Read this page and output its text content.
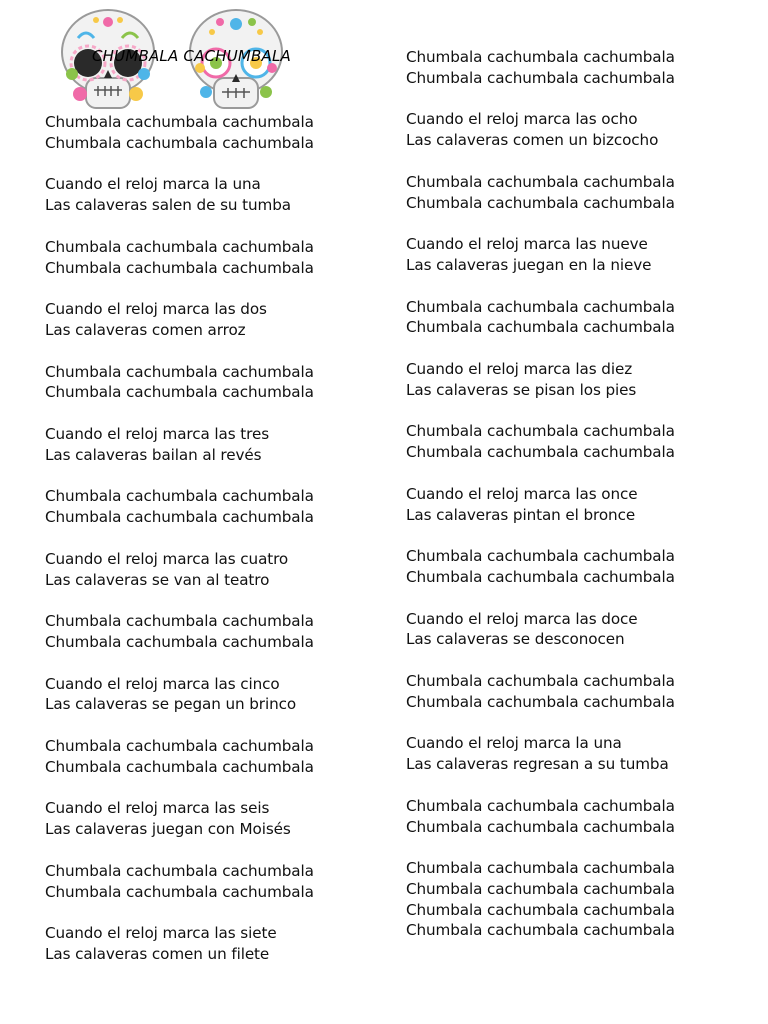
CHUMBALA CACHUMBALA
Chumbala cachumbala cachumbala
Chumbala cachumbala cachumbala
Cuando el reloj marca la una
Las calaveras salen de su tumba
Chumbala cachumbala cachumbala
Chumbala cachumbala cachumbala
Cuando el reloj marca las dos
Las calaveras comen arroz
Chumbala cachumbala cachumbala
Chumbala cachumbala cachumbala
Cuando el reloj marca las tres
Las calaveras bailan al revés
Chumbala cachumbala cachumbala
Chumbala cachumbala cachumbala
Cuando el reloj marca las cuatro
Las calaveras se van al teatro
Chumbala cachumbala cachumbala
Chumbala cachumbala cachumbala
Cuando el reloj marca las cinco
Las calaveras se pegan un brinco
Chumbala cachumbala cachumbala
Chumbala cachumbala cachumbala
Cuando el reloj marca las seis
Las calaveras juegan con Moisés
Chumbala cachumbala cachumbala
Chumbala cachumbala cachumbala
Cuando el reloj marca las siete
Las calaveras comen un filete
Chumbala cachumbala cachumbala
Chumbala cachumbala cachumbala
Cuando el reloj marca las ocho
Las calaveras comen un bizcocho
Chumbala cachumbala cachumbala
Chumbala cachumbala cachumbala
Cuando el reloj marca las nueve
Las calaveras juegan en la nieve
Chumbala cachumbala cachumbala
Chumbala cachumbala cachumbala
Cuando el reloj marca las diez
Las calaveras se pisan los pies
Chumbala cachumbala cachumbala
Chumbala cachumbala cachumbala
Cuando el reloj marca las once
Las calaveras pintan el bronce
Chumbala cachumbala cachumbala
Chumbala cachumbala cachumbala
Cuando el reloj marca las doce
Las calaveras se desconocen
Chumbala cachumbala cachumbala
Chumbala cachumbala cachumbala
Cuando el reloj marca la una
Las calaveras regresan a su tumba
Chumbala cachumbala cachumbala
Chumbala cachumbala cachumbala
Chumbala cachumbala cachumbala
Chumbala cachumbala cachumbala
Chumbala cachumbala cachumbala
Chumbala cachumbala cachumbala
